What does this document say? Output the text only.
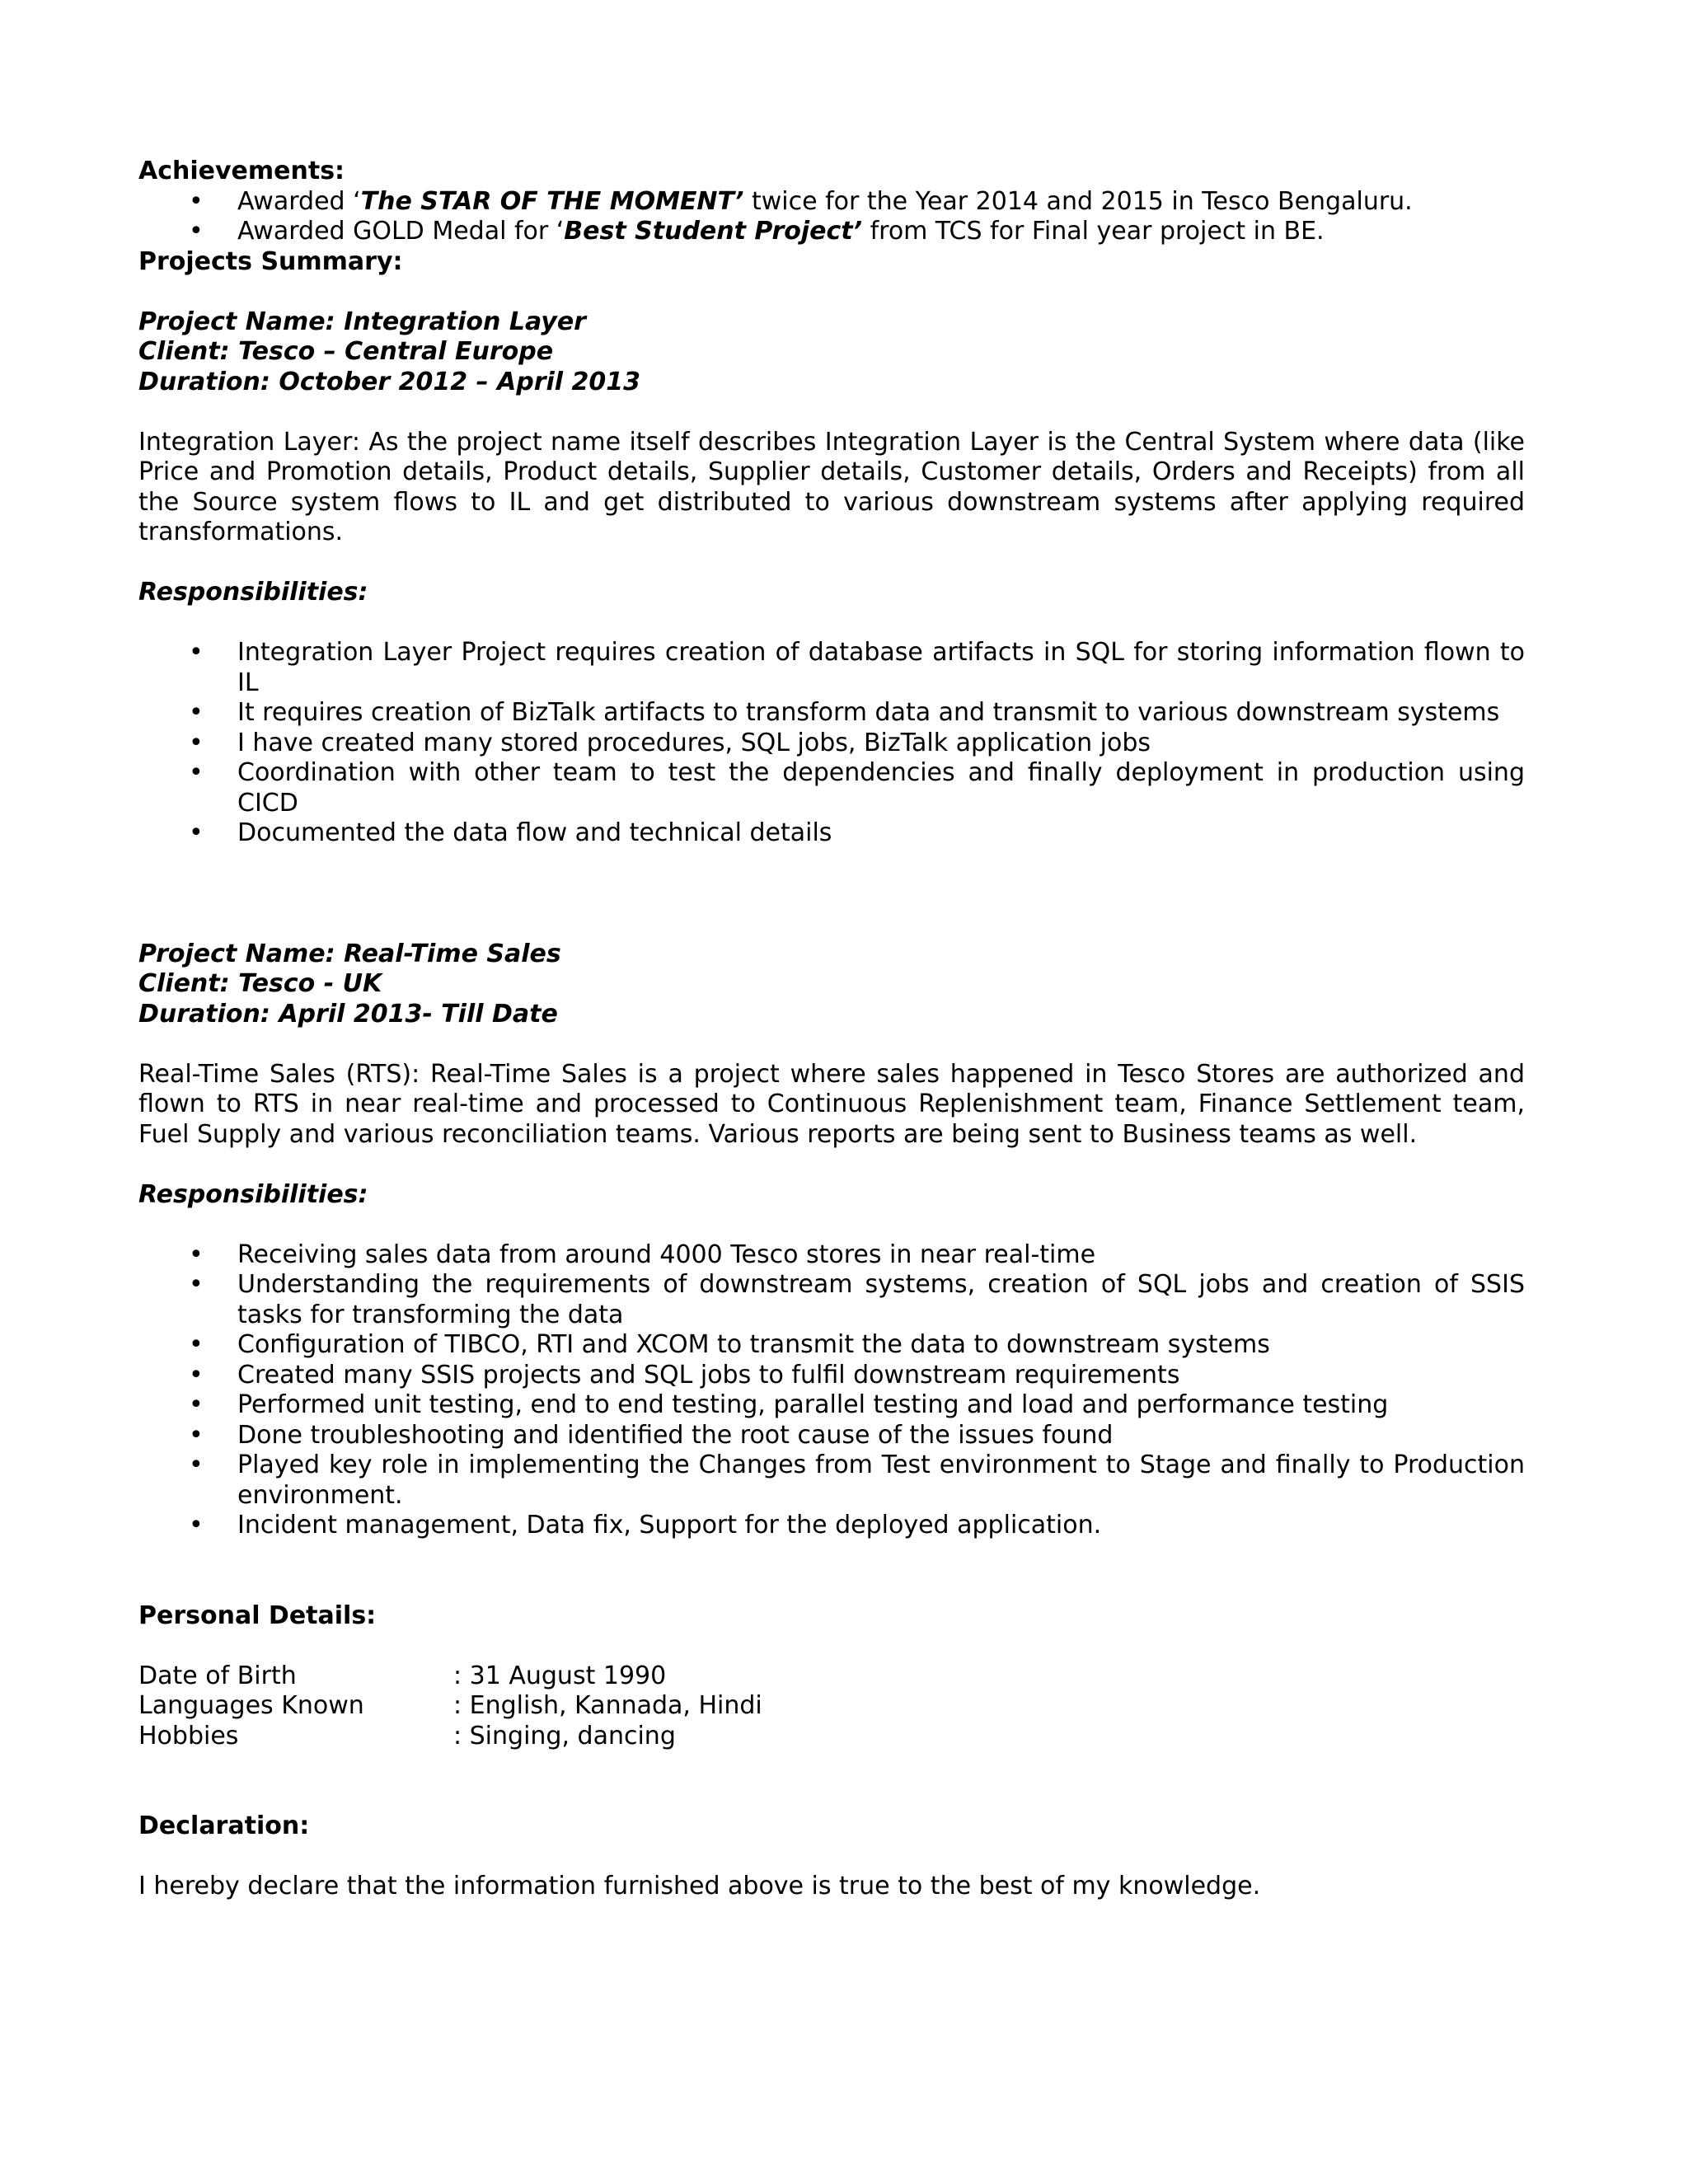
Achievements:

• Awarded ‘The STAR OF THE MOMENT’ twice for the Year 2014 and 2015 in Tesco Bengaluru.
• Awarded GOLD Medal for ‘Best Student Project’ from TCS for Final year project in BE.

Projects Summary:

Project Name: Integration Layer

Client: Tesco – Central Europe

Duration: October 2012 – April 2013

Integration Layer: As the project name itself describes Integration Layer is the Central System where data (like Price and Promotion details, Product details, Supplier details, Customer details, Orders and Receipts) from all the Source system flows to IL and get distributed to various downstream systems after applying required transformations.

Responsibilities:

• Integration Layer Project requires creation of database artifacts in SQL for storing information flown to IL
• It requires creation of BizTalk artifacts to transform data and transmit to various downstream systems
• I have created many stored procedures, SQL jobs, BizTalk application jobs
• Coordination with other team to test the dependencies and finally deployment in production using CICD
• Documented the data flow and technical details

Project Name: Real-Time Sales

Client: Tesco - UK

Duration: April 2013- Till Date

Real-Time Sales (RTS): Real-Time Sales is a project where sales happened in Tesco Stores are authorized and flown to RTS in near real-time and processed to Continuous Replenishment team, Finance Settlement team, Fuel Supply and various reconciliation teams. Various reports are being sent to Business teams as well.

Responsibilities:

• Receiving sales data from around 4000 Tesco stores in near real-time
• Understanding the requirements of downstream systems, creation of SQL jobs and creation of SSIS tasks for transforming the data
• Configuration of TIBCO, RTI and XCOM to transmit the data to downstream systems
• Created many SSIS projects and SQL jobs to fulfil downstream requirements
• Performed unit testing, end to end testing, parallel testing and load and performance testing
• Done troubleshooting and identified the root cause of the issues found
• Played key role in implementing the Changes from Test environment to Stage and finally to Production environment.
• Incident management, Data fix, Support for the deployed application.

Personal Details:

Date of Birth	: 31 August 1990
Languages Known	: English, Kannada, Hindi
Hobbies	: Singing, dancing

Declaration:

I hereby declare that the information furnished above is true to the best of my knowledge.
